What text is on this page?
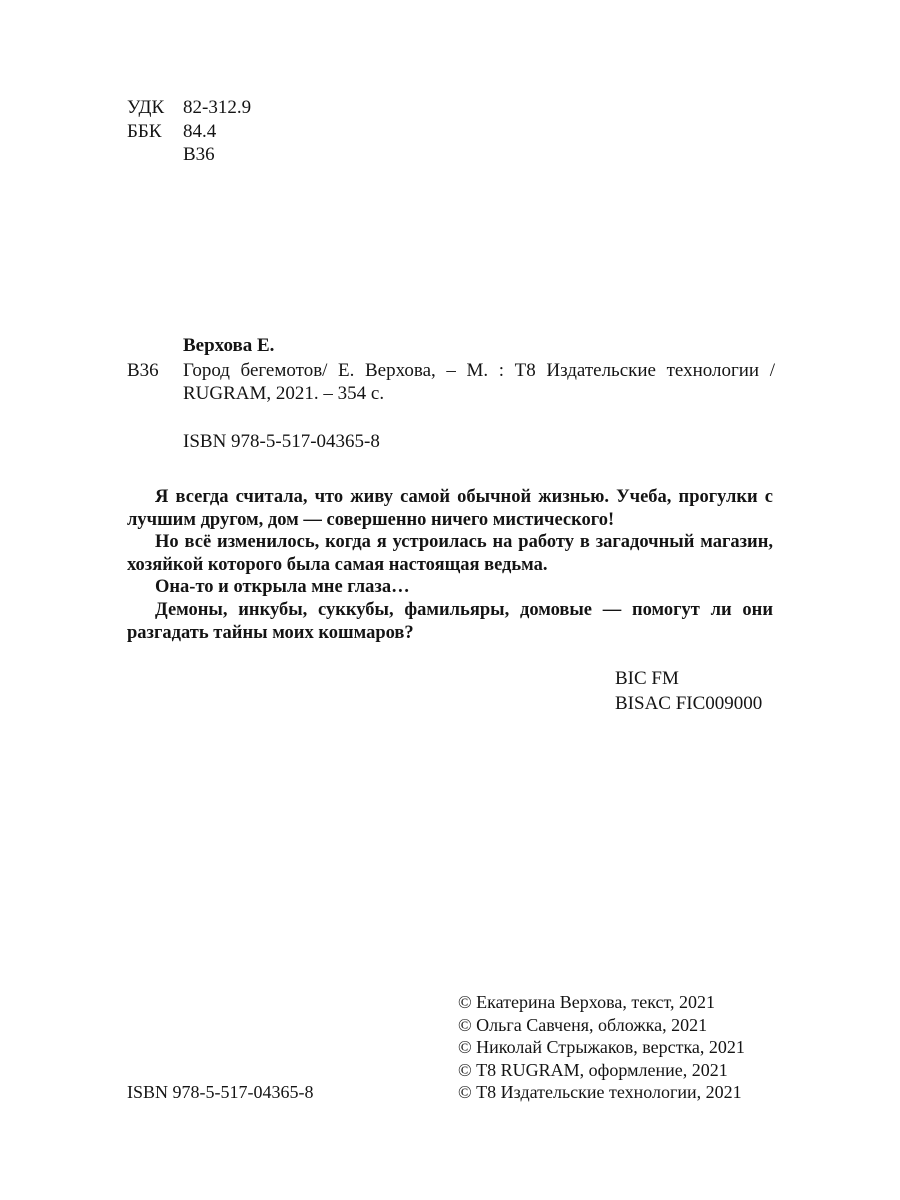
УДК 82-312.9
ББК	84.4
В36
Верхова Е.
В36 Город бегемотов/ Е. Верхова, – М. : Т8 Издательские технологии / RUGRAM, 2021. – 354 с.
ISBN 978-5-517-04365-8

Я всегда считала, что живу самой обычной жизнью. Учеба, прогулки с лучшим другом, дом — совершенно ничего мистического!

Но всё изменилось, когда я устроилась на работу в загадочный магазин, хозяйкой которого была самая настоящая ведьма.

Она-то и открыла мне глаза…

Демоны, инкубы, суккубы, фамильяры, домовые — помогут ли они разгадать тайны моих кошмаров?

BIC FM
BISAC FIC009000
© Екатерина Верхова, текст, 2021
© Ольга Савченя, обложка, 2021
© Николай Стрыжаков, верстка, 2021
© Т8 RUGRAM, оформление, 2021
© Т8 Издательские технологии, 2021
ISBN 978-5-517-04365-8
